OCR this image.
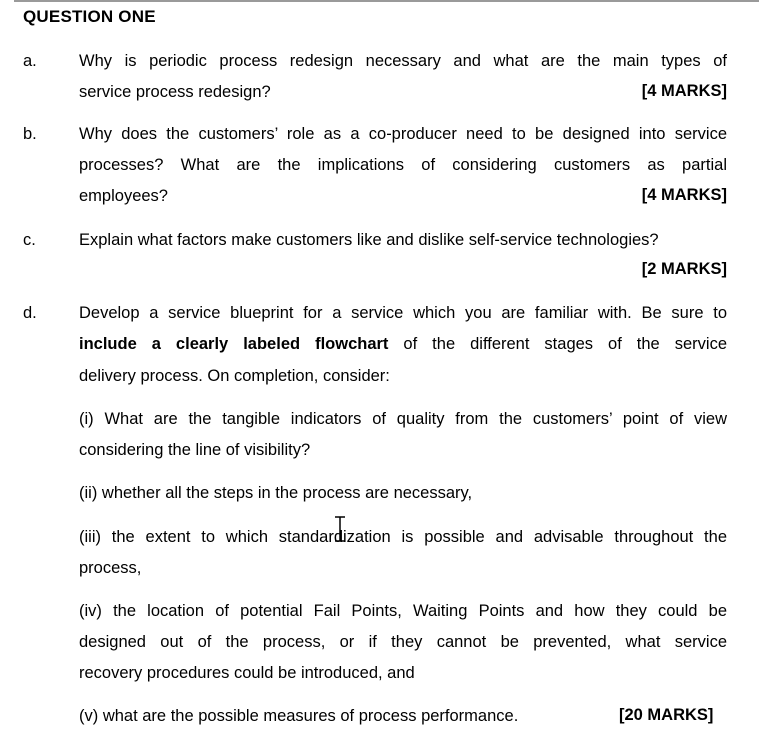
QUESTION ONE
a.	Why is periodic process redesign necessary and what are the main types of
service process redesign?	[4 MARKS]
b.	Why does the customers’ role as a co-producer need to be designed into service
processes? What are the implications of considering customers as partial
employees?	[4 MARKS]
c.	Explain what factors make customers like and dislike self-service technologies?
[2 MARKS]
d.	Develop a service blueprint for a service which you are familiar with. Be sure to
include a clearly labeled flowchart of the different stages of the service
delivery process. On completion, consider:
(i) What are the tangible indicators of quality from the customers’ point of view
considering the line of visibility?
(ii) whether all the steps in the process are necessary,
(iii) the extent to which standardization is possible and advisable throughout the
process,
(iv) the location of potential Fail Points, Waiting Points and how they could be
designed out of the process, or if they cannot be prevented, what service
recovery procedures could be introduced, and
(v) what are the possible measures of process performance.	[20 MARKS]
